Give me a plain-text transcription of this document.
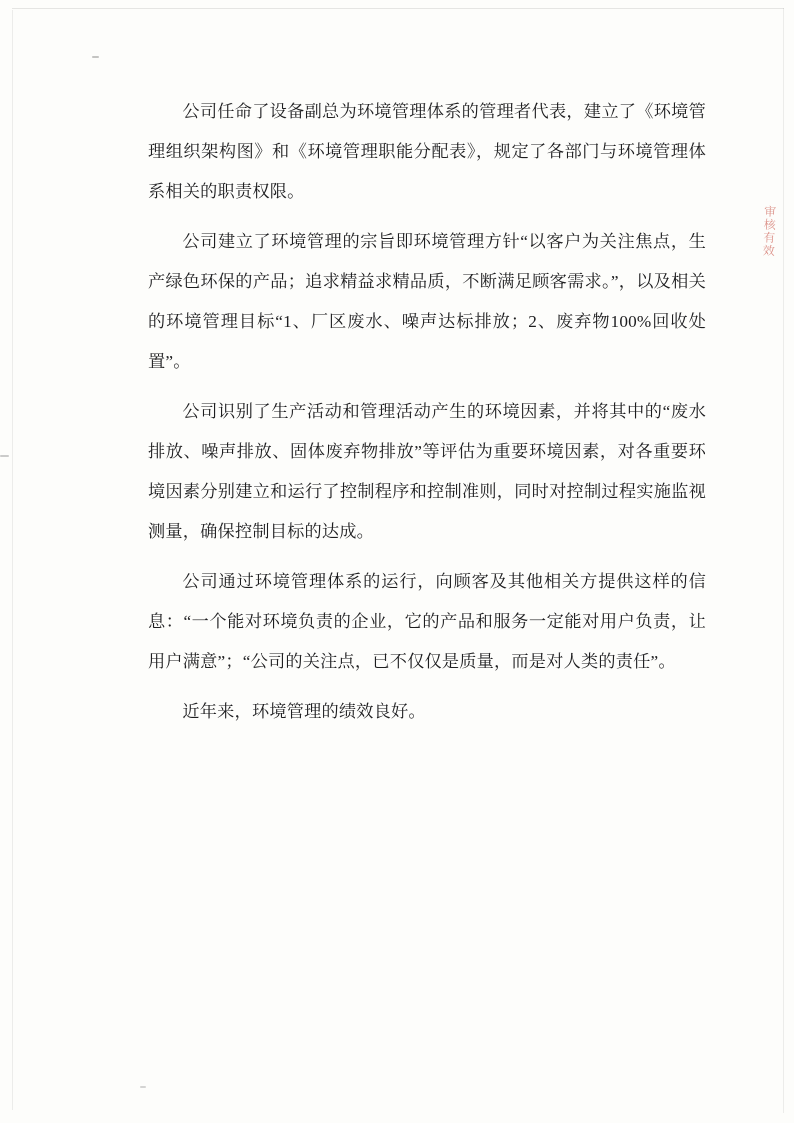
审核有效

公司任命了设备副总为环境管理体系的管理者代表，建立了《环境管理组织架构图》和《环境管理职能分配表》，规定了各部门与环境管理体系相关的职责权限。

公司建立了环境管理的宗旨即环境管理方针“以客户为关注焦点，生产绿色环保的产品；追求精益求精品质，不断满足顾客需求。”，以及相关的环境管理目标“1、厂区废水、噪声达标排放；2、废弃物100%回收处置”。

公司识别了生产活动和管理活动产生的环境因素，并将其中的“废水排放、噪声排放、固体废弃物排放”等评估为重要环境因素，对各重要环境因素分别建立和运行了控制程序和控制准则，同时对控制过程实施监视测量，确保控制目标的达成。

公司通过环境管理体系的运行，向顾客及其他相关方提供这样的信息：“一个能对环境负责的企业，它的产品和服务一定能对用户负责，让用户满意”；“公司的关注点，已不仅仅是质量，而是对人类的责任”。

近年来，环境管理的绩效良好。
